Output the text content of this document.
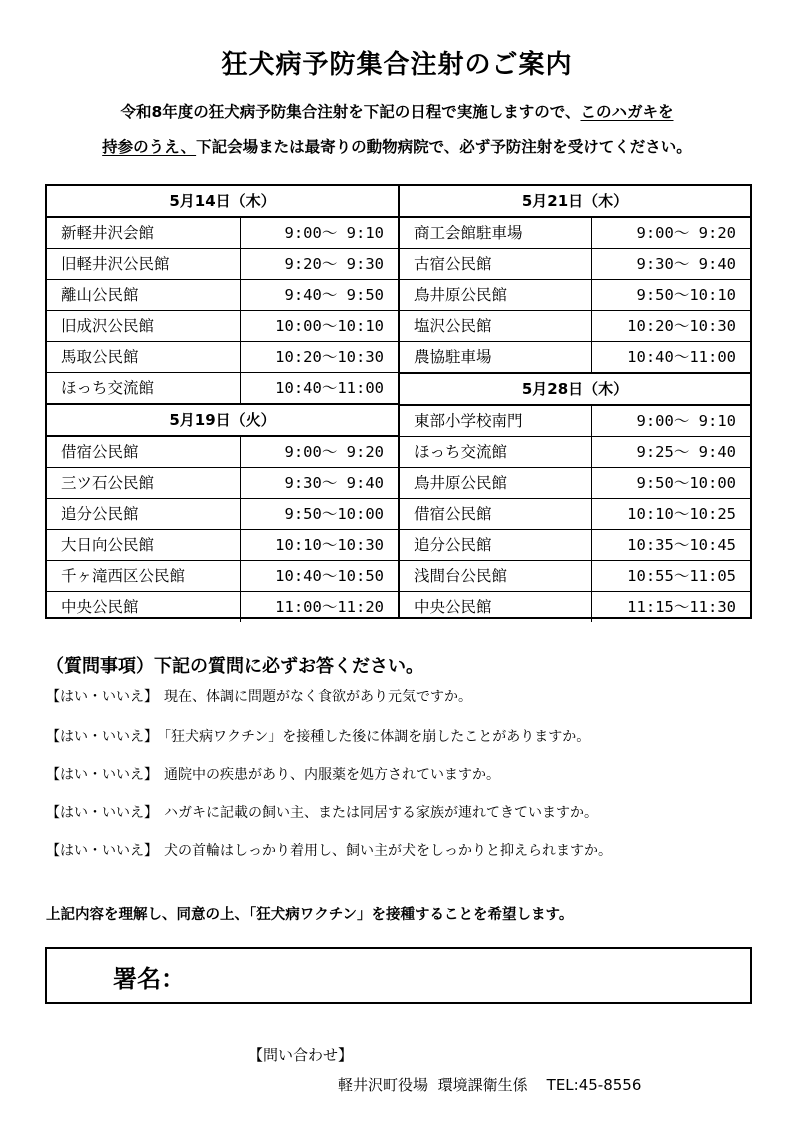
狂犬病予防集合注射のご案内
令和8年度の狂犬病予防集合注射を下記の日程で実施しますので、このハガキを
持参のうえ、下記会場または最寄りの動物病院で、必ず予防注射を受けてください。
5月14日（木）
新軽井沢会館	9:00～ 9:10
旧軽井沢公民館	9:20～ 9:30
離山公民館	9:40～ 9:50
旧成沢公民館	10:00～10:10
馬取公民館	10:20～10:30
ほっち交流館	10:40～11:00
5月19日（火）
借宿公民館	9:00～ 9:20
三ツ石公民館	9:30～ 9:40
追分公民館	9:50～10:00
大日向公民館	10:10～10:30
千ヶ滝西区公民館	10:40～10:50
中央公民館	11:00～11:20
5月21日（木）
商工会館駐車場	9:00～ 9:20
古宿公民館	9:30～ 9:40
鳥井原公民館	9:50～10:10
塩沢公民館	10:20～10:30
農協駐車場	10:40～11:00
5月28日（木）
東部小学校南門	9:00～ 9:10
ほっち交流館	9:25～ 9:40
鳥井原公民館	9:50～10:00
借宿公民館	10:10～10:25
追分公民館	10:35～10:45
浅間台公民館	10:55～11:05
中央公民館	11:15～11:30
（質問事項）下記の質問に必ずお答ください。
【はい・いいえ】 現在、体調に問題がなく食欲があり元気ですか。
【はい・いいえ】 「狂犬病ワクチン」を接種した後に体調を崩したことがありますか。
【はい・いいえ】 通院中の疾患があり、内服薬を処方されていますか。
【はい・いいえ】 ハガキに記載の飼い主、または同居する家族が連れてきていますか。
【はい・いいえ】 犬の首輪はしっかり着用し、飼い主が犬をしっかりと抑えられますか。
上記内容を理解し、同意の上、「狂犬病ワクチン」を接種することを希望します。
署名：
【問い合わせ】
軽井沢町役場 環境課衛生係 TEL:45-8556
